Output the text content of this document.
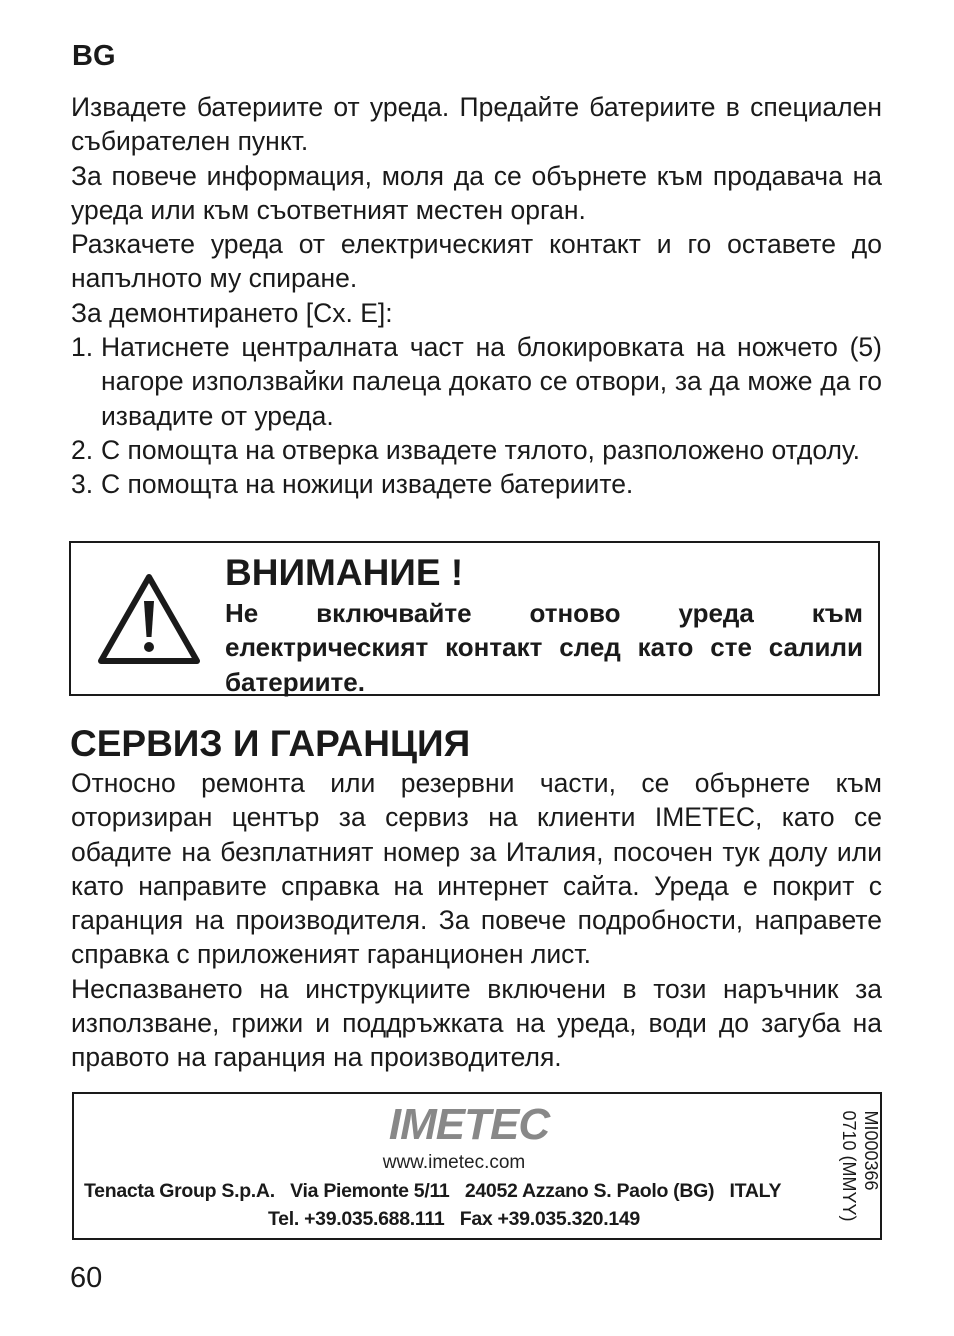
BG

Извадете батериите от уреда. Предайте батериите в специален събирателен пункт.

За повече информация, моля да се обърнете към продавача на уреда или към съответният местен орган.

Разкачете уреда от електрическият контакт и го оставете до напълното му спиране.

За демонтирането [Сх. E]:

1. Натиснете централната част на блокировката на ножчето (5) нагоре използвайки палеца докато се отвори, за да може да го извадите от уреда.
2. С помощта на отверка извадете тялото, разположено отдолу.
3. С помощта на ножици извадете батериите.
ВНИМАНИЕ !
Не включвайте отново уреда към електрическият контакт след като сте салили батериите.
СЕРВИЗ И ГАРАНЦИЯ

Относно ремонта или резервни части, се обърнете към оторизиран център за сервиз на клиенти IMETEC, като се обадите на безплатният номер за Италия, посочен тук долу или като направите справка на интернет сайта. Уреда е покрит с гаранция на производителя. За повече подробности, направете справка с приложеният гаранционен лист.

Неспазването на инструкциите включени в този наръчник за използване, грижи и поддръжката на уреда, води до загуба на правото на гаранция на производителя.

IMETEC
www.imetec.com
Tenacta Group S.p.A.   Via Piemonte 5/11   24052 Azzano S. Paolo (BG)   ITALY
Tel. +39.035.688.111   Fax +39.035.320.149
MI000366
0710 (MMYY)
60
